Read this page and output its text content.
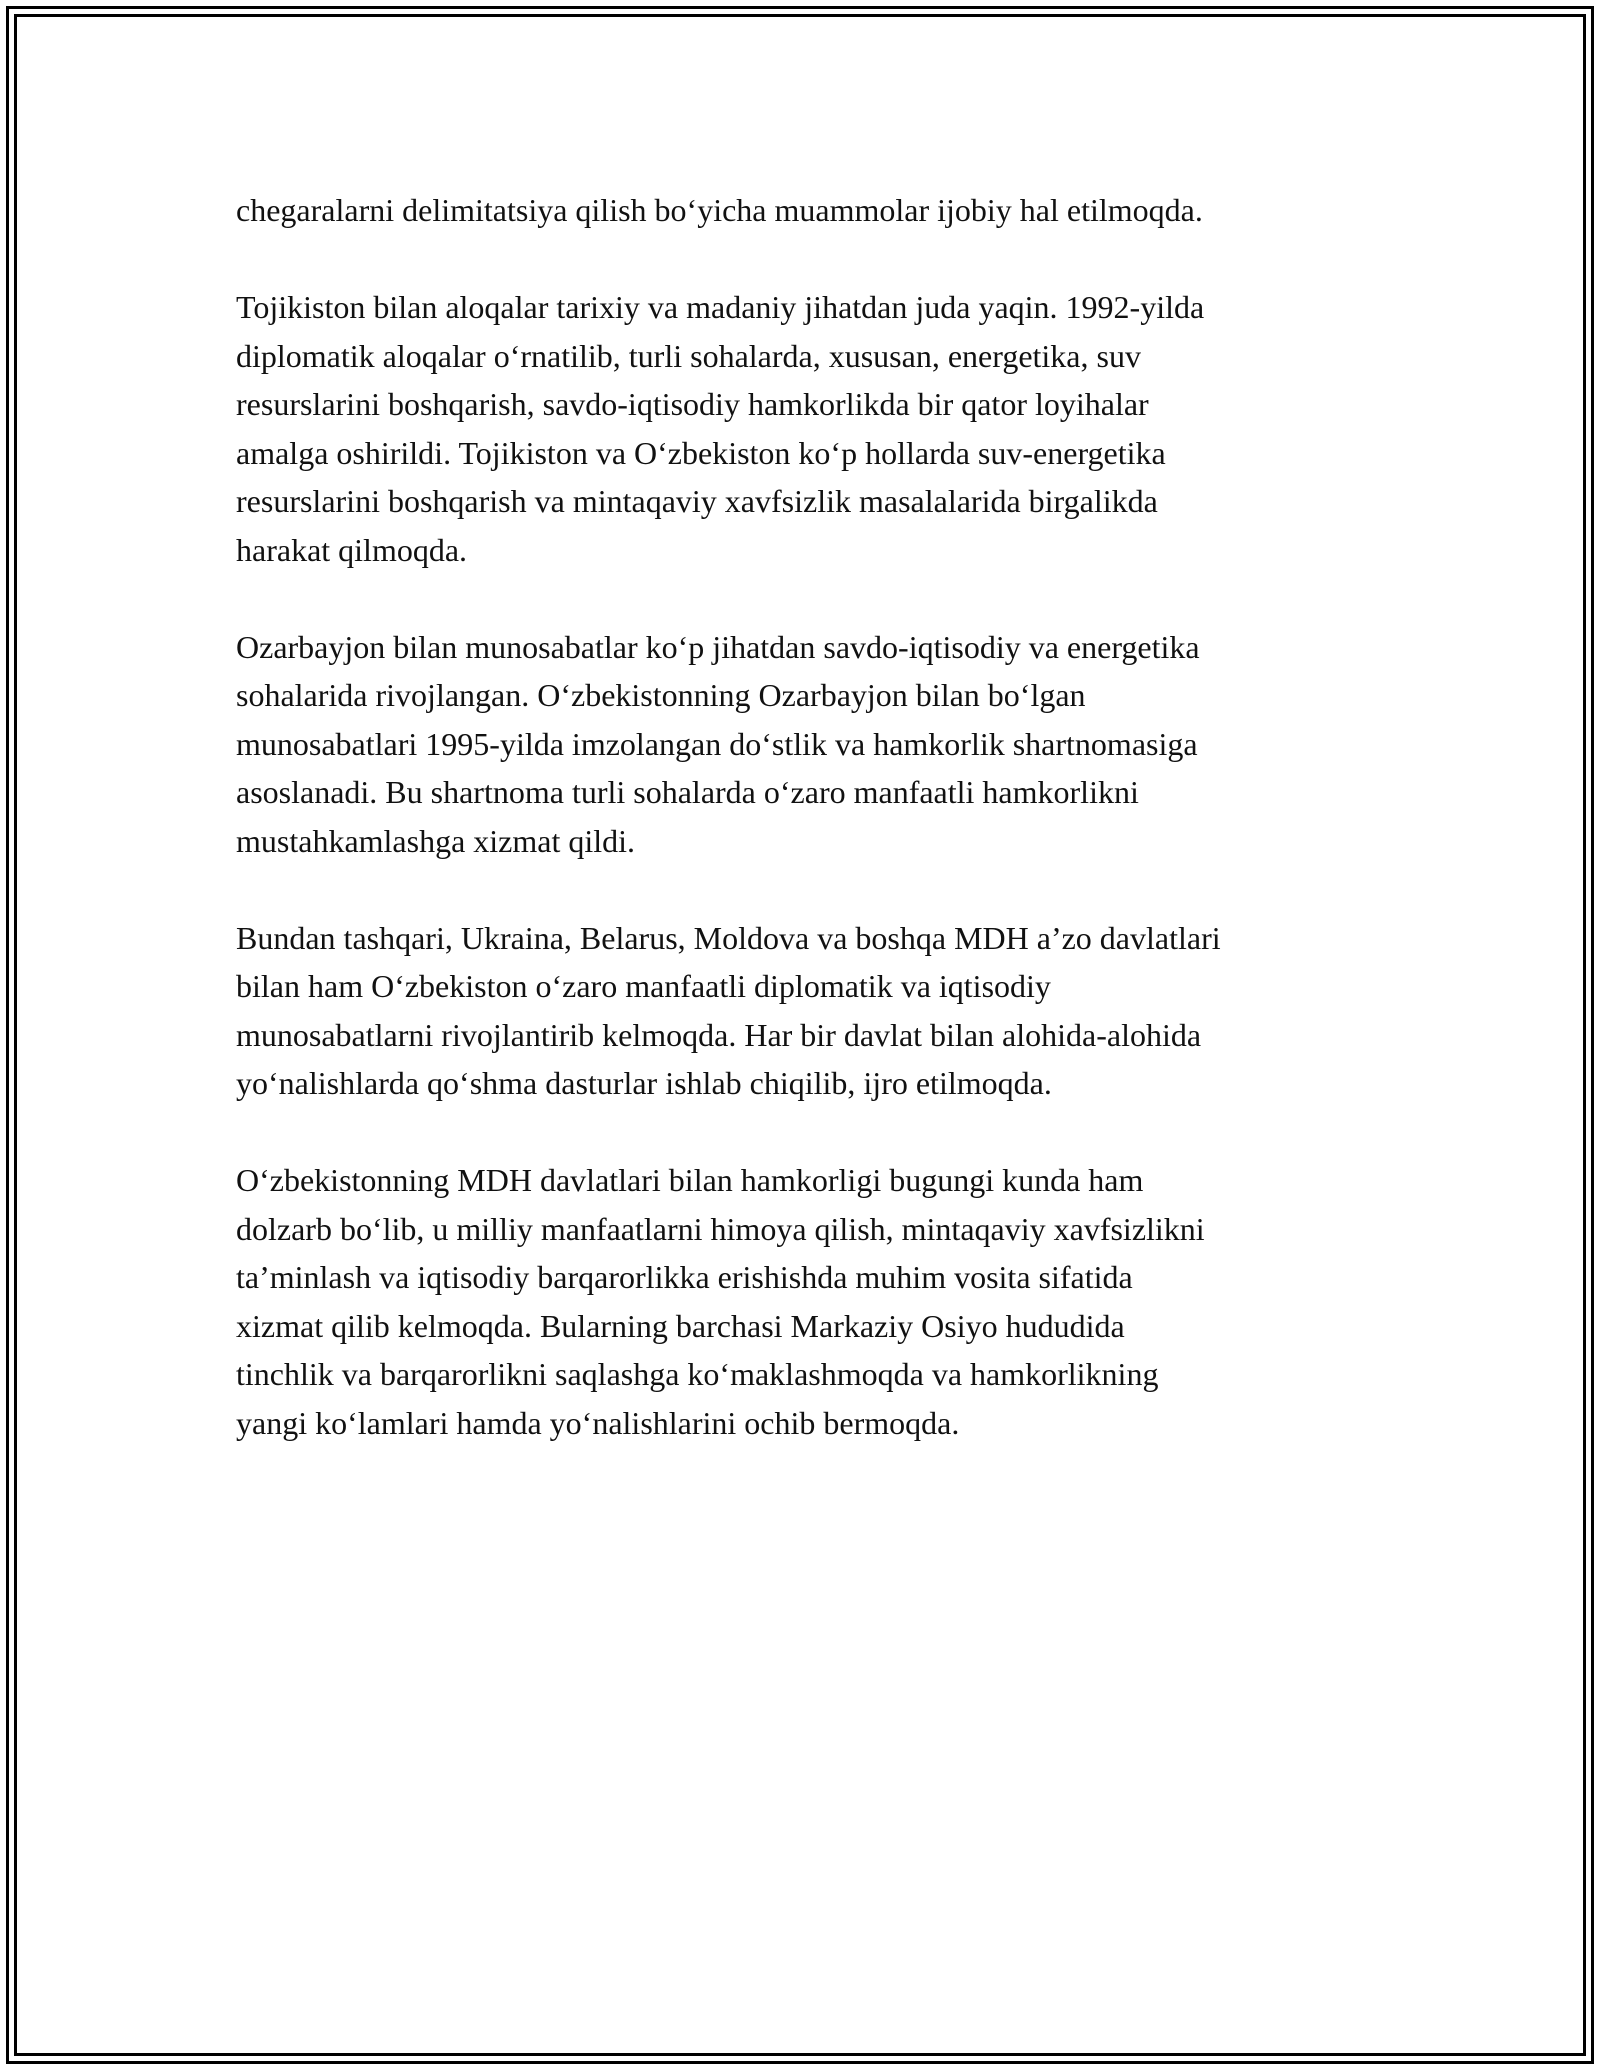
chegaralarni delimitatsiya qilish bo‘yicha muammolar ijobiy hal etilmoqda.

Tojikiston bilan aloqalar tarixiy va madaniy jihatdan juda yaqin. 1992-yilda
diplomatik aloqalar o‘rnatilib, turli sohalarda, xususan, energetika, suv
resurslarini boshqarish, savdo-iqtisodiy hamkorlikda bir qator loyihalar
amalga oshirildi. Tojikiston va O‘zbekiston ko‘p hollarda suv-energetika
resurslarini boshqarish va mintaqaviy xavfsizlik masalalarida birgalikda
harakat qilmoqda.

Ozarbayjon bilan munosabatlar ko‘p jihatdan savdo-iqtisodiy va energetika
sohalarida rivojlangan. O‘zbekistonning Ozarbayjon bilan bo‘lgan
munosabatlari 1995-yilda imzolangan do‘stlik va hamkorlik shartnomasiga
asoslanadi. Bu shartnoma turli sohalarda o‘zaro manfaatli hamkorlikni
mustahkamlashga xizmat qildi.

Bundan tashqari, Ukraina, Belarus, Moldova va boshqa MDH a’zo davlatlari
bilan ham O‘zbekiston o‘zaro manfaatli diplomatik va iqtisodiy
munosabatlarni rivojlantirib kelmoqda. Har bir davlat bilan alohida-alohida
yo‘nalishlarda qo‘shma dasturlar ishlab chiqilib, ijro etilmoqda.

O‘zbekistonning MDH davlatlari bilan hamkorligi bugungi kunda ham
dolzarb bo‘lib, u milliy manfaatlarni himoya qilish, mintaqaviy xavfsizlikni
ta’minlash va iqtisodiy barqarorlikka erishishda muhim vosita sifatida
xizmat qilib kelmoqda. Bularning barchasi Markaziy Osiyo hududida
tinchlik va barqarorlikni saqlashga ko‘maklashmoqda va hamkorlikning
yangi ko‘lamlari hamda yo‘nalishlarini ochib bermoqda.
